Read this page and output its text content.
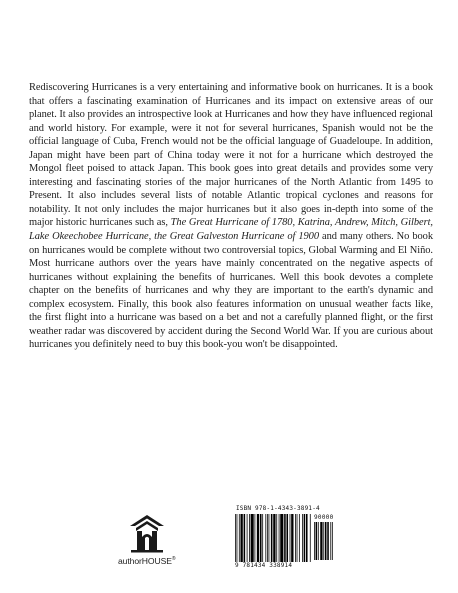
Rediscovering Hurricanes is a very entertaining and informative book on hurricanes. It is a book that offers a fascinating examination of Hurricanes and its impact on extensive areas of our planet. It also provides an introspective look at Hurricanes and how they have influenced regional and world history. For example, were it not for several hurricanes, Spanish would not be the official language of Cuba, French would not be the official language of Guadeloupe. In addition, Japan might have been part of China today were it not for a hurricane which destroyed the Mongol fleet poised to attack Japan. This book goes into great details and provides some very interesting and fascinating stories of the major hurricanes of the North Atlantic from 1495 to Present. It also includes several lists of notable Atlantic tropical cyclones and reasons for notability. It not only includes the major hurricanes but it also goes in-depth into some of the major historic hurricanes such as, The Great Hurricane of 1780, Katrina, Andrew, Mitch, Gilbert, Lake Okeechobee Hurricane, the Great Galveston Hurricane of 1900 and many others. No book on hurricanes would be complete without two controversial topics, Global Warming and El Niño. Most hurricane authors over the years have mainly concentrated on the negative aspects of hurricanes without explaining the benefits of hurricanes. Well this book devotes a complete chapter on the benefits of hurricanes and why they are important to the earth's dynamic and complex ecosystem. Finally, this book also features information on unusual weather facts like, the first flight into a hurricane was based on a bet and not a carefully planned flight, or the first weather radar was discovered by accident during the Second World War. If you are curious about hurricanes you definitely need to buy this book-you won't be disappointed.

authorHOUSE®
ISBN 978-1-4343-3891-4
9 781434 338914
90000
